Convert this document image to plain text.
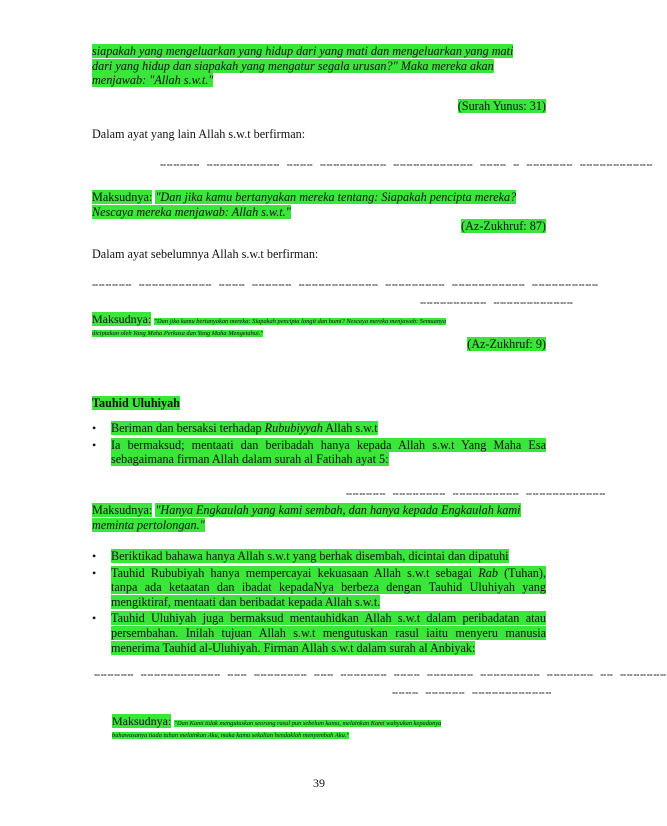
siapakah yang mengeluarkan yang hidup dari yang mati dan mengeluarkan yang mati
dari yang hidup dan siapakah yang mengatur segala urusan?" Maka mereka akan
menjawab: "Allah s.w.t."
(Surah Yunus: 31)
Dalam ayat yang lain Allah s.w.t berfirman:
ⵧⵧⵧⵧⵧⵧ ⵧⵧⵧⵧⵧⵧⵧⵧⵧⵧⵧ ⵧⵧⵧⵧ ⵧⵧⵧⵧⵧⵧⵧⵧⵧⵧ ⵧⵧⵧⵧⵧⵧⵧⵧⵧⵧⵧⵧ ⵧⵧⵧⵧ ⵧ ⵧⵧⵧⵧⵧⵧⵧ ⵧⵧⵧⵧⵧⵧⵧⵧⵧⵧⵧ
Maksudnya: "Dan jika kamu bertanyakan mereka tentang: Siapakah pencipta mereka?
Nescaya mereka menjawab: Allah s.w.t."
(Az-Zukhruf: 87)
Dalam ayat sebelumnya Allah s.w.t berfirman:
ⵧⵧⵧⵧⵧⵧ ⵧⵧⵧⵧⵧⵧⵧⵧⵧⵧⵧ ⵧⵧⵧⵧ ⵧⵧⵧⵧⵧⵧ ⵧⵧⵧⵧⵧⵧⵧⵧⵧⵧⵧⵧ ⵧⵧⵧⵧⵧⵧⵧⵧⵧ ⵧⵧⵧⵧⵧⵧⵧⵧⵧⵧⵧ ⵧⵧⵧⵧⵧⵧⵧⵧⵧⵧ
ⵧⵧⵧⵧⵧⵧⵧⵧⵧⵧ ⵧⵧⵧⵧⵧⵧⵧⵧⵧⵧⵧⵧ
Maksudnya: "Dan jika kamu bertanyakan mereka: Siapakah pencipta langit dan bumi? Nescaya mereka menjawab: Semuanya
diciptakan oleh Yang Maha Perkasa dan Yang Maha Mengetahui."
(Az-Zukhruf: 9)
Tauhid Uluhiyah
• Beriman dan bersaksi terhadap Rububiyyah Allah s.w.t
• Ia bermaksud; mentaati dan beribadah hanya kepada Allah s.w.t Yang Maha Esa sebagaimana firman Allah dalam surah al Fatihah ayat 5:
ⵧⵧⵧⵧⵧⵧ ⵧⵧⵧⵧⵧⵧⵧⵧ ⵧⵧⵧⵧⵧⵧⵧⵧⵧⵧ ⵧⵧⵧⵧⵧⵧⵧⵧⵧⵧⵧⵧ
Maksudnya: "Hanya Engkaulah yang kami sembah, dan hanya kepada Engkaulah kami
meminta pertolongan."
• Beriktikad bahawa hanya Allah s.w.t yang berhak disembah, dicintai dan dipatuhi
• Tauhid Rububiyah hanya mempercayai kekuasaan Allah s.w.t sebagai Rab (Tuhan), tanpa ada ketaatan dan ibadat kepadaNya berbeza dengan Tauhid Uluhiyah yang mengiktiraf, mentaati dan beribadat kepada Allah s.w.t.
• Tauhid Uluhiyah juga bermaksud mentauhidkan Allah s.w.t dalam peribadatan atau persembahan. Inilah tujuan Allah s.w.t mengutuskan rasul iaitu menyeru manusia menerima Tauhid al-Uluhiyah. Firman Allah s.w.t dalam surah al Anbiyak:
ⵧⵧⵧⵧⵧⵧ ⵧⵧⵧⵧⵧⵧⵧⵧⵧⵧⵧⵧ ⵧⵧⵧ ⵧⵧⵧⵧⵧⵧⵧⵧ ⵧⵧⵧ ⵧⵧⵧⵧⵧⵧⵧ ⵧⵧⵧⵧ ⵧⵧⵧⵧⵧⵧⵧ ⵧⵧⵧⵧⵧⵧⵧⵧⵧ ⵧⵧⵧⵧⵧⵧⵧ ⵧⵧ ⵧⵧⵧⵧⵧⵧⵧ
ⵧⵧⵧⵧ ⵧⵧⵧⵧⵧⵧ ⵧⵧⵧⵧⵧⵧⵧⵧⵧⵧⵧⵧ
Maksudnya: "Dan Kami tidak mengutuskan seorang rasul pun sebelum kamu, melainkan Kami wahyukan kepadanya
bahawasanya tiada tuhan melainkan Aku, maka kamu sekalian hendaklah menyembah Aku."
39
